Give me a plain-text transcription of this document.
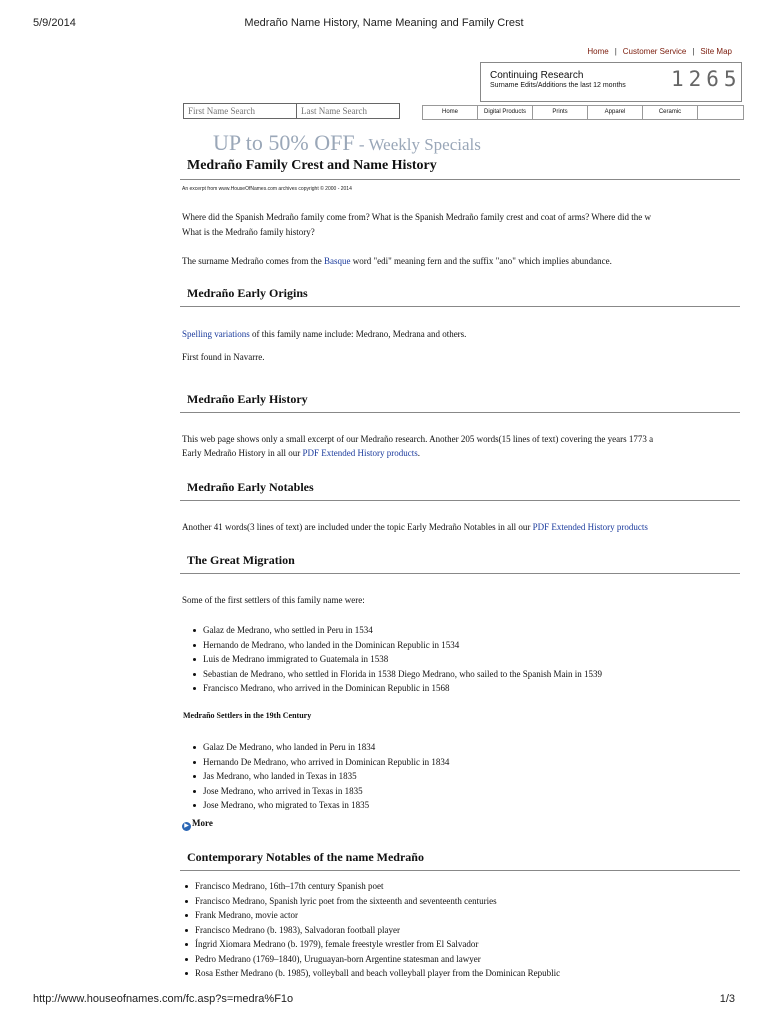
5/9/2014	Medraño Name History, Name Meaning and Family Crest
Home | Customer Service | Site Map
Continuing Research
Surname Edits/Additions the last 12 months 1265
First Name Search
Last Name Search
Home	Digital Products	Prints	Apparel	Ceramic
UP to 50% OFF - Weekly Specials
Medraño Family Crest and Name History
An excerpt from www.HouseOfNames.com archives copyright © 2000 - 2014
Where did the Spanish Medraño family come from? What is the Spanish Medraño family crest and coat of arms? Where did the w
What is the Medraño family history?
The surname Medraño comes from the Basque word "edi" meaning fern and the suffix "ano" which implies abundance.
Medraño Early Origins
Spelling variations of this family name include: Medrano, Medrana and others.
First found in Navarre.
Medraño Early History
This web page shows only a small excerpt of our Medraño research. Another 205 words(15 lines of text) covering the years 1773 a
Early Medraño History in all our PDF Extended History products.
Medraño Early Notables
Another 41 words(3 lines of text) are included under the topic Early Medraño Notables in all our PDF Extended History products
The Great Migration
Some of the first settlers of this family name were:
Galaz de Medrano, who settled in Peru in 1534
Hernando de Medrano, who landed in the Dominican Republic in 1534
Luis de Medrano immigrated to Guatemala in 1538
Sebastian de Medrano, who settled in Florida in 1538 Diego Medrano, who sailed to the Spanish Main in 1539
Francisco Medrano, who arrived in the Dominican Republic in 1568
Medraño Settlers in the 19th Century
Galaz De Medrano, who landed in Peru in 1834
Hernando De Medrano, who arrived in Dominican Republic in 1834
Jas Medrano, who landed in Texas in 1835
Jose Medrano, who arrived in Texas in 1835
Jose Medrano, who migrated to Texas in 1835
▶ More
Contemporary Notables of the name Medraño
Francisco Medrano, 16th–17th century Spanish poet
Francisco Medrano, Spanish lyric poet from the sixteenth and seventeenth centuries
Frank Medrano, movie actor
Francisco Medrano (b. 1983), Salvadoran football player
Íngrid Xiomara Medrano (b. 1979), female freestyle wrestler from El Salvador
Pedro Medrano (1769–1840), Uruguayan-born Argentine statesman and lawyer
Rosa Esther Medrano (b. 1985), volleyball and beach volleyball player from the Dominican Republic
http://www.houseofnames.com/fc.asp?s=medra%F1o	1/3
